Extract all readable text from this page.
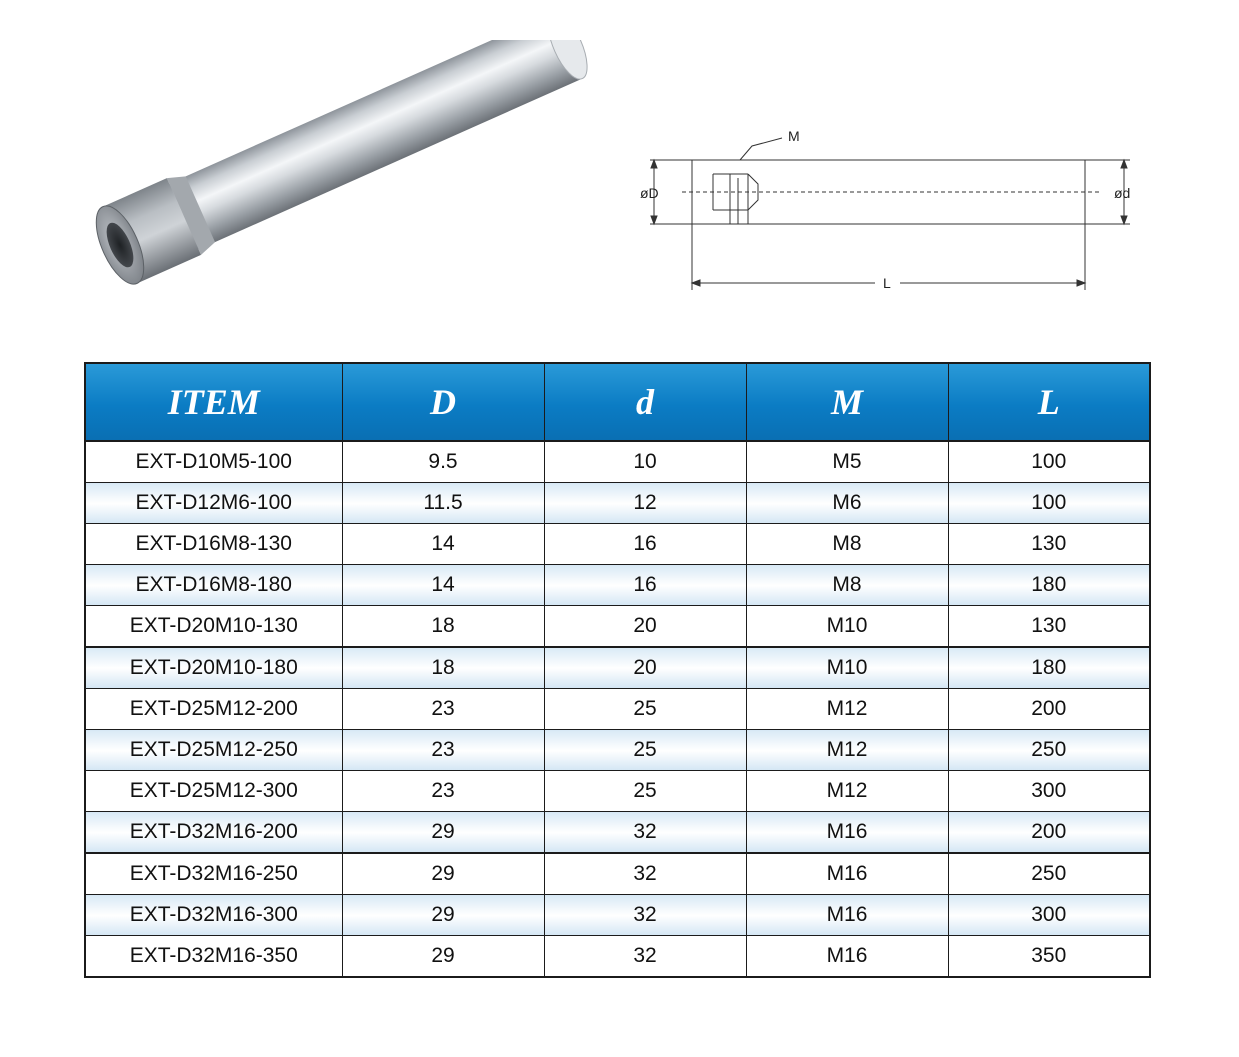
M
øD	ød
L
ITEM	D	d	M	L
EXT-D10M5-100	9.5	10	M5	100
EXT-D12M6-100	11.5	12	M6	100
EXT-D16M8-130	14	16	M8	130
EXT-D16M8-180	14	16	M8	180
EXT-D20M10-130	18	20	M10	130
EXT-D20M10-180	18	20	M10	180
EXT-D25M12-200	23	25	M12	200
EXT-D25M12-250	23	25	M12	250
EXT-D25M12-300	23	25	M12	300
EXT-D32M16-200	29	32	M16	200
EXT-D32M16-250	29	32	M16	250
EXT-D32M16-300	29	32	M16	300
EXT-D32M16-350	29	32	M16	350
